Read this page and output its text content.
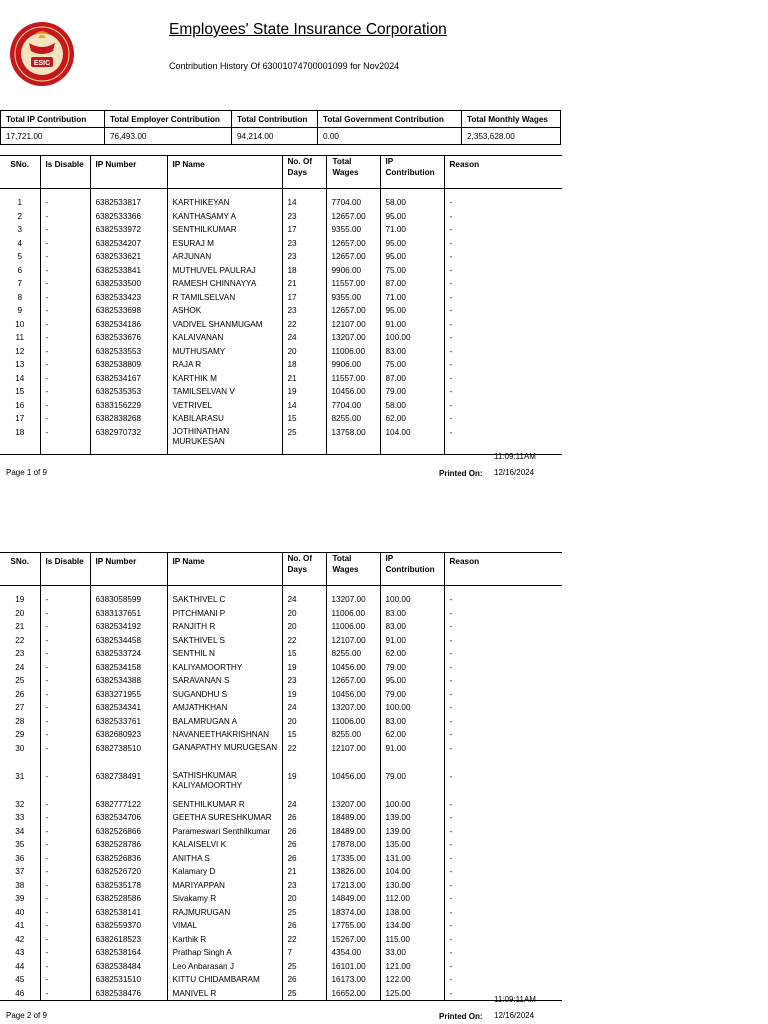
ESIC
Employees' State Insurance Corporation
Contribution History Of 63001074700001099 for Nov2024
Total IP Contribution	Total Employer Contribution	Total Contribution	Total Government Contribution	Total Monthly Wages
17,721.00	76,493.00	94,214.00	0.00	2,353,628.00
SNo.	Is Disable	IP Number	IP Name	No. Of Days	Total Wages	IP Contribution	Reason

1	-	6382533817	KARTHIKEYAN	14	7704.00	58.00	-
2	-	6382533366	KANTHASAMY A	23	12657.00	95.00	-
3	-	6382533972	SENTHILKUMAR	17	9355.00	71.00	-
4	-	6382534207	ESURAJ M	23	12657.00	95.00	-
5	-	6382533621	ARJUNAN	23	12657.00	95.00	-
6	-	6382533841	MUTHUVEL PAULRAJ	18	9906.00	75.00	-
7	-	6382533500	RAMESH CHINNAYYA	21	11557.00	87.00	-
8	-	6382533423	R TAMILSELVAN	17	9355.00	71.00	-
9	-	6382533698	ASHOK	23	12657.00	95.00	-
10	-	6382534186	VADIVEL SHANMUGAM	22	12107.00	91.00	-
11	-	6382533676	KALAIVANAN	24	13207.00	100.00	-
12	-	6382533553	MUTHUSAMY	20	11006.00	83.00	-
13	-	6382538809	RAJA R	18	9906.00	75.00	-
14	-	6382534167	KARTHIK M	21	11557.00	87.00	-
15	-	6382535353	TAMILSELVAN V	19	10456.00	79.00	-
16	-	6383156229	VETRIVEL	14	7704.00	58.00	-
17	-	6382838268	KABILARASU	15	8255.00	62.00	-
18	-	6382970732	JOTHINATHAN MURUKESAN	25	13758.00	104.00	-
11:09:11AM
Page 1 of 9	Printed On: 12/16/2024
SNo.	Is Disable	IP Number	IP Name	No. Of Days	Total Wages	IP Contribution	Reason

19	-	6383058599	SAKTHIVEL C	24	13207.00	100.00	-
20	-	6383137651	PITCHMANI P	20	11006.00	83.00	-
21	-	6382534192	RANJITH R	20	11006.00	83.00	-
22	-	6382534458	SAKTHIVEL S	22	12107.00	91.00	-
23	-	6382533724	SENTHIL N	15	8255.00	62.00	-
24	-	6382534158	KALIYAMOORTHY	19	10456.00	79.00	-
25	-	6382534388	SARAVANAN S	23	12657.00	95.00	-
26	-	6383271955	SUGANDHU S	19	10456.00	79.00	-
27	-	6382534341	AMJATHKHAN	24	13207.00	100.00	-
28	-	6382533761	BALAMRUGAN A	20	11006.00	83.00	-
29	-	6382680923	NAVANEETHAKRISHNAN	15	8255.00	62.00	-
30	-	6382738510	GANAPATHY MURUGESAN	22	12107.00	91.00	-
31	-	6382738491	SATHISHKUMAR KALIYAMOORTHY	19	10456.00	79.00	-
32	-	6382777122	SENTHILKUMAR R	24	13207.00	100.00	-
33	-	6382534706	GEETHA SURESHKUMAR	26	18489.00	139.00	-
34	-	6382526866	Parameswari Senthilkumar	26	18489.00	139.00	-
35	-	6382528786	KALAISELVI K	26	17878.00	135.00	-
36	-	6382526836	ANITHA S	26	17335.00	131.00	-
37	-	6382526720	Kalamary D	21	13826.00	104.00	-
38	-	6382535178	MARIYAPPAN	23	17213.00	130.00	-
39	-	6382528586	Sivakamy R	20	14849.00	112.00	-
40	-	6382538141	RAJMURUGAN	25	18374.00	138.00	-
41	-	6382559370	VIMAL	26	17755.00	134.00	-
42	-	6382618523	Karthik R	22	15267.00	115.00	-
43	-	6382538164	Prathap Singh A	7	4354.00	33.00	-
44	-	6382538484	Leo Anbarasan J	25	16101.00	121.00	-
45	-	6382531510	KITTU CHIDAMBARAM	26	16173.00	122.00	-
46	-	6382538476	MANIVEL R	25	16652.00	125.00	-
11:09:11AM
Page 2 of 9	Printed On: 12/16/2024
